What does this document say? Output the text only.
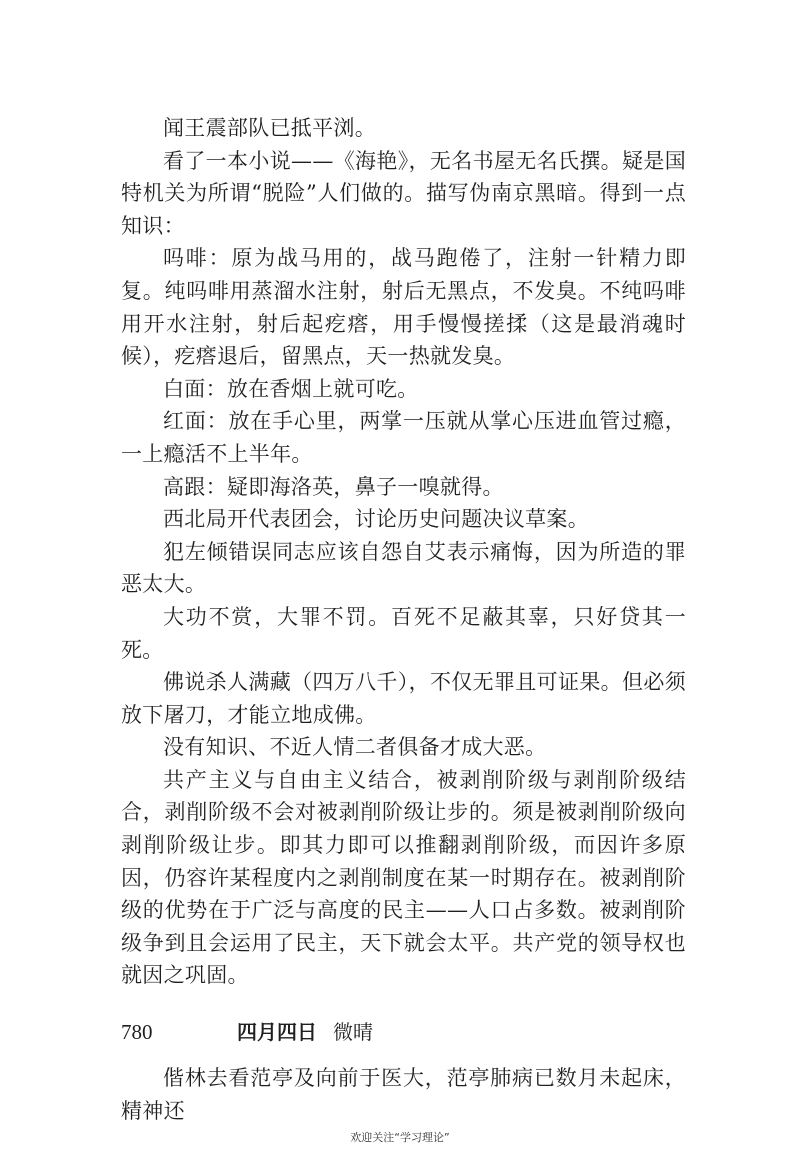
闻王震部队已抵平浏。

看了一本小说——《海艳》，无名书屋无名氏撰。疑是国特机关为所谓“脱险”人们做的。描写伪南京黑暗。得到一点知识：

吗啡：原为战马用的，战马跑倦了，注射一针精力即复。纯吗啡用蒸溜水注射，射后无黑点，不发臭。不纯吗啡用开水注射，射后起疙瘩，用手慢慢搓揉（这是最消魂时候），疙瘩退后，留黑点，天一热就发臭。

白面：放在香烟上就可吃。

红面：放在手心里，两掌一压就从掌心压进血管过瘾，一上瘾活不上半年。

高跟：疑即海洛英，鼻子一嗅就得。

西北局开代表团会，讨论历史问题决议草案。

犯左倾错误同志应该自怨自艾表示痛悔，因为所造的罪恶太大。

大功不赏，大罪不罚。百死不足蔽其辜，只好贷其一死。

佛说杀人满藏（四万八千），不仅无罪且可证果。但必须放下屠刀，才能立地成佛。

没有知识、不近人情二者俱备才成大恶。

共产主义与自由主义结合，被剥削阶级与剥削阶级结合，剥削阶级不会对被剥削阶级让步的。须是被剥削阶级向剥削阶级让步。即其力即可以推翻剥削阶级，而因许多原因，仍容许某程度内之剥削制度在某一时期存在。被剥削阶级的优势在于广泛与高度的民主——人口占多数。被剥削阶级争到且会运用了民主，天下就会太平。共产党的领导权也就因之巩固。

四月四日 微晴

偕林去看范亭及向前于医大，范亭肺病已数月未起床，精神还

780
欢迎关注“学习理论”
